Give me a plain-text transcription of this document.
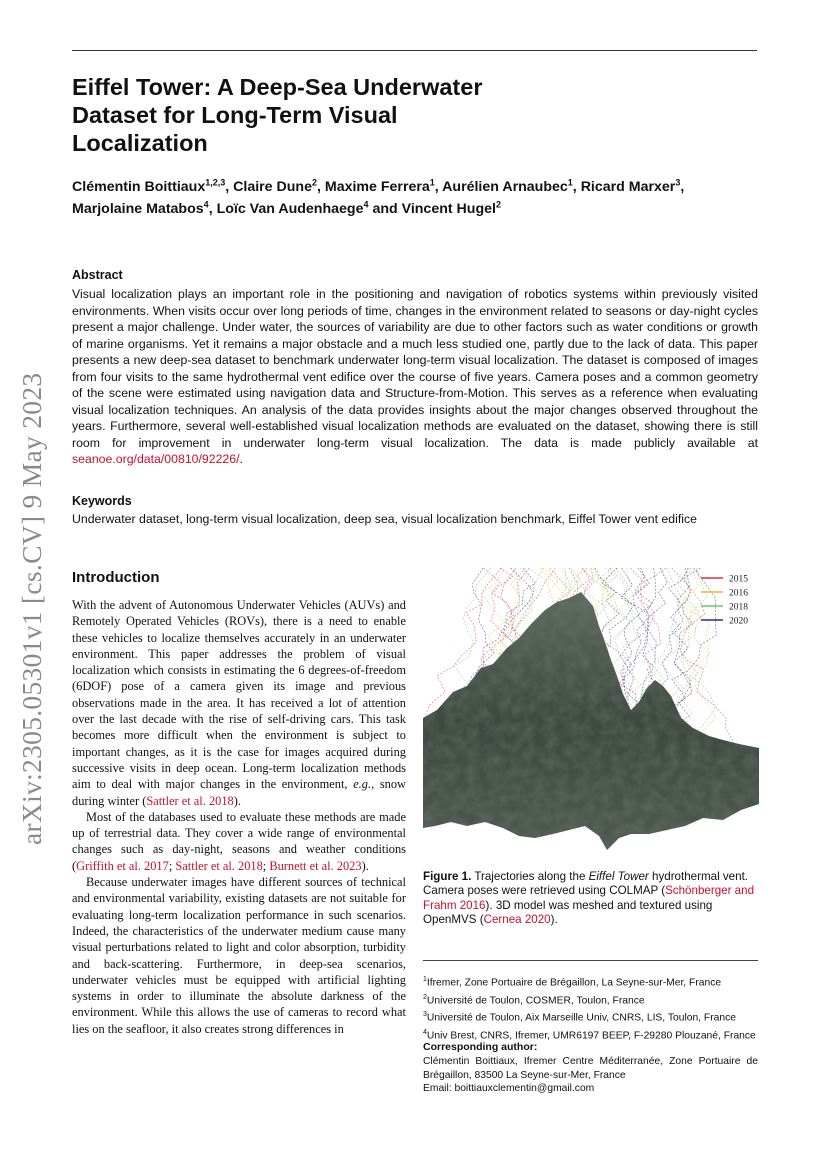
arXiv:2305.05301v1 [cs.CV] 9 May 2023
Eiffel Tower: A Deep-Sea Underwater Dataset for Long-Term Visual Localization
Clémentin Boittiaux$^{1,2,3}$, Claire Dune$^2$, Maxime Ferrera$^1$, Aurélien Arnaubec$^1$, Ricard Marxer$^3$,
Marjolaine Matabos$^4$, Loïc Van Audenhaege$^4$ and Vincent Hugel$^2$
Abstract
Visual localization plays an important role in the positioning and navigation of robotics systems within previously visited environments. When visits occur over long periods of time, changes in the environment related to seasons or day-night cycles present a major challenge. Under water, the sources of variability are due to other factors such as water conditions or growth of marine organisms. Yet it remains a major obstacle and a much less studied one, partly due to the lack of data. This paper presents a new deep-sea dataset to benchmark underwater long-term visual localization. The dataset is composed of images from four visits to the same hydrothermal vent edifice over the course of five years. Camera poses and a common geometry of the scene were estimated using navigation data and Structure-from-Motion. This serves as a reference when evaluating visual localization techniques. An analysis of the data provides insights about the major changes observed throughout the years. Furthermore, several well-established visual localization methods are evaluated on the dataset, showing there is still room for improvement in underwater long-term visual localization. The data is made publicly available at seanoe.org/data/00810/92226/.
Keywords
Underwater dataset, long-term visual localization, deep sea, visual localization benchmark, Eiffel Tower vent edifice
Introduction

With the advent of Autonomous Underwater Vehicles (AUVs) and Remotely Operated Vehicles (ROVs), there is a need to enable these vehicles to localize themselves accurately in an underwater environment. This paper addresses the problem of visual localization which consists in estimating the 6 degrees-of-freedom (6DOF) pose of a camera given its image and previous observations made in the area. It has received a lot of attention over the last decade with the rise of self-driving cars. This task becomes more difficult when the environment is subject to important changes, as it is the case for images acquired during successive visits in deep ocean. Long-term localization methods aim to deal with major changes in the environment, e.g., snow during winter (Sattler et al. 2018).

Most of the databases used to evaluate these methods are made up of terrestrial data. They cover a wide range of environmental changes such as day-night, seasons and weather conditions (Griffith et al. 2017; Sattler et al. 2018; Burnett et al. 2023).

Because underwater images have different sources of technical and environmental variability, existing datasets are not suitable for evaluating long-term localization performance in such scenarios. Indeed, the characteristics of the underwater medium cause many visual perturbations related to light and color absorption, turbidity and back-scattering. Furthermore, in deep-sea scenarios, underwater vehicles must be equipped with artificial lighting systems in order to illuminate the absolute darkness of the environment. While this allows the use of cameras to record what lies on the seafloor, it also creates strong differences in

2015
2016
2018
2020
Figure 1. Trajectories along the Eiffel Tower hydrothermal vent. Camera poses were retrieved using COLMAP (Schönberger and Frahm 2016). 3D model was meshed and textured using OpenMVS (Cernea 2020).
$^1$Ifremer, Zone Portuaire de Brégaillon, La Seyne-sur-Mer, France
$^2$Université de Toulon, COSMER, Toulon, France
$^3$Université de Toulon, Aix Marseille Univ, CNRS, LIS, Toulon, France
$^4$Univ Brest, CNRS, Ifremer, UMR6197 BEEP, F-29280 Plouzané, France
Corresponding author:
Clémentin Boittiaux, Ifremer Centre Méditerranée, Zone Portuaire de Brégaillon, 83500 La Seyne-sur-Mer, France
Email: boittiauxclementin@gmail.com
